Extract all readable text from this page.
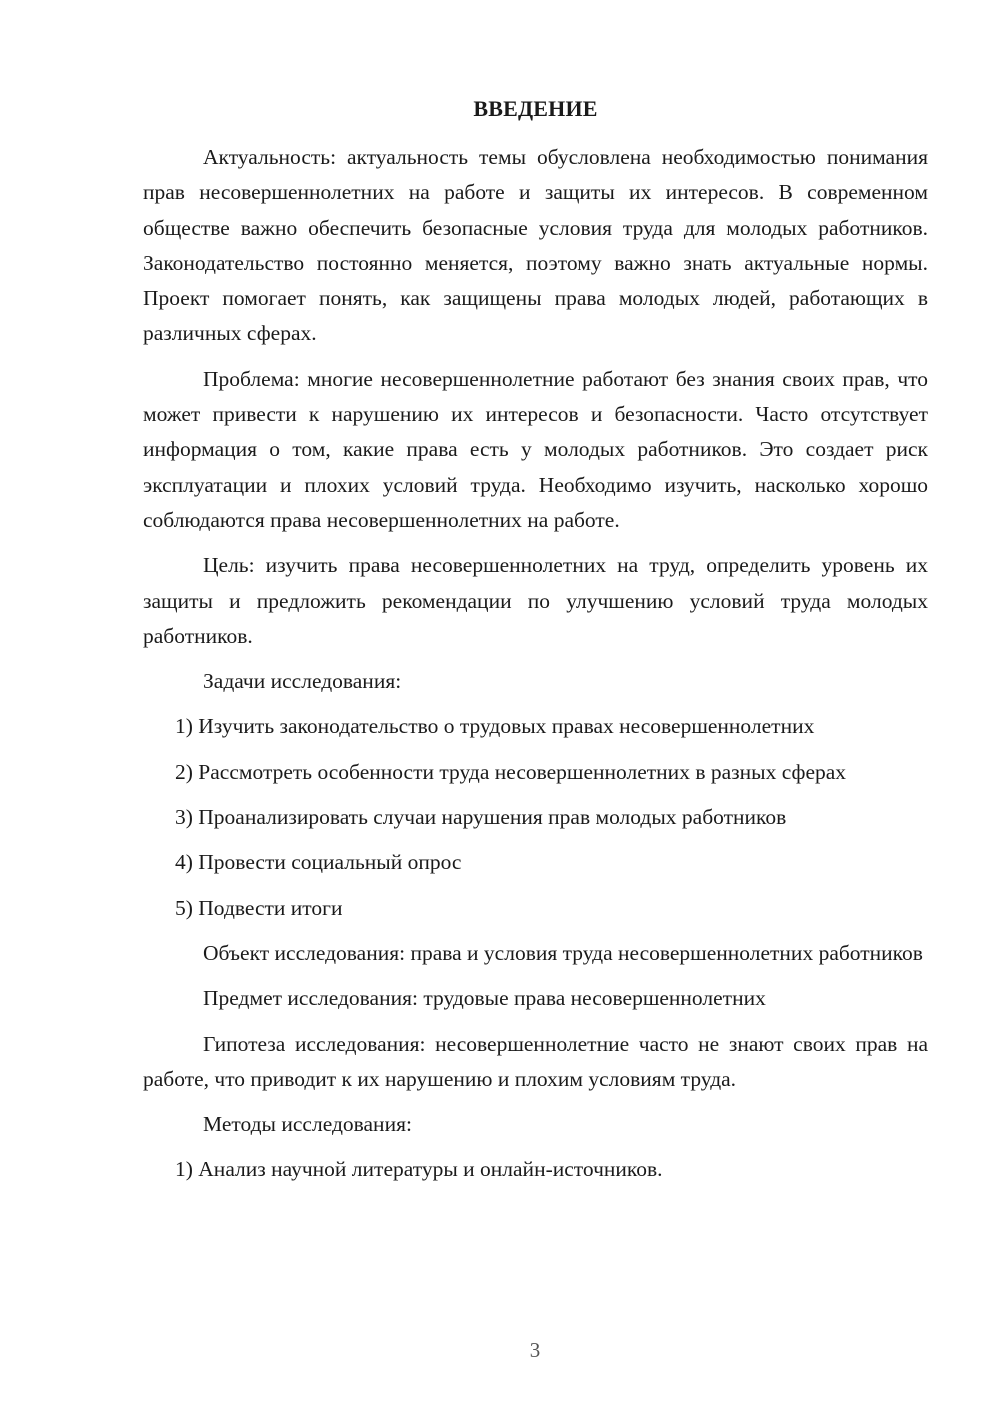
ВВЕДЕНИЕ

Актуальность: актуальность темы обусловлена необходимостью понимания прав несовершеннолетних на работе и защиты их интересов. В современном обществе важно обеспечить безопасные условия труда для молодых работников. Законодательство постоянно меняется, поэтому важно знать актуальные нормы. Проект помогает понять, как защищены права молодых людей, работающих в различных сферах.

Проблема: многие несовершеннолетние работают без знания своих прав, что может привести к нарушению их интересов и безопасности. Часто отсутствует информация о том, какие права есть у молодых работников. Это создает риск эксплуатации и плохих условий труда. Необходимо изучить, насколько хорошо соблюдаются права несовершеннолетних на работе.

Цель: изучить права несовершеннолетних на труд, определить уровень их защиты и предложить рекомендации по улучшению условий труда молодых работников.

Задачи исследования:

1) Изучить законодательство о трудовых правах несовершеннолетних

2) Рассмотреть особенности труда несовершеннолетних в разных сферах

3) Проанализировать случаи нарушения прав молодых работников

4) Провести социальный опрос

5) Подвести итоги

Объект исследования: права и условия труда несовершеннолетних работников

Предмет исследования: трудовые права несовершеннолетних

Гипотеза исследования: несовершеннолетние часто не знают своих прав на работе, что приводит к их нарушению и плохим условиям труда.

Методы исследования:

1) Анализ научной литературы и онлайн-источников.

3
